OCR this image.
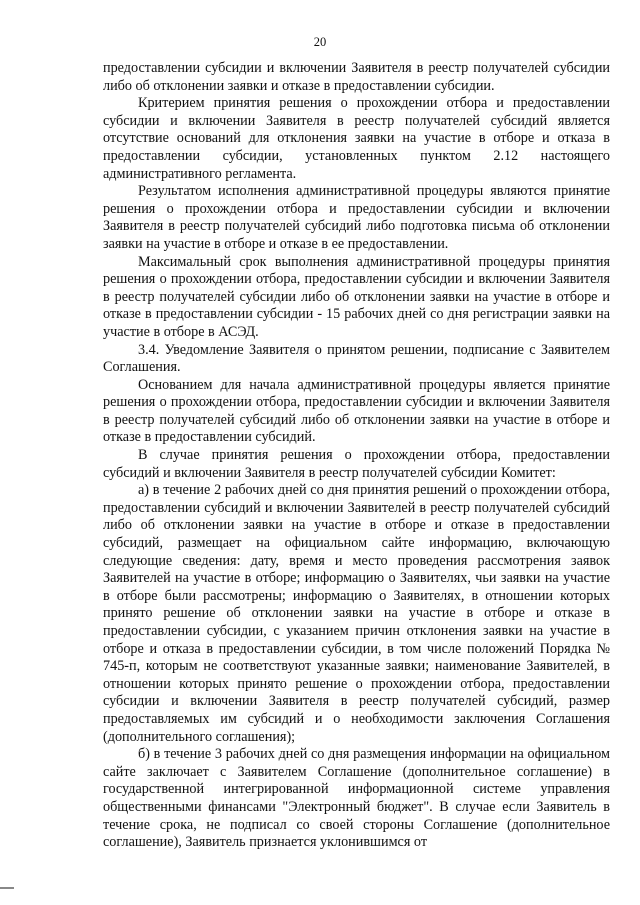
20

предоставлении субсидии и включении Заявителя в реестр получателей субсидии либо об отклонении заявки и отказе в предоставлении субсидии.

Критерием принятия решения о прохождении отбора и предоставлении субсидии и включении Заявителя в реестр получателей субсидий является отсутствие оснований для отклонения заявки на участие в отборе и отказа в предоставлении субсидии, установленных пунктом 2.12 настоящего административного регламента.

Результатом исполнения административной процедуры являются принятие решения о прохождении отбора и предоставлении субсидии и включении Заявителя в реестр получателей субсидий либо подготовка письма об отклонении заявки на участие в отборе и отказе в ее предоставлении.

Максимальный срок выполнения административной процедуры принятия решения о прохождении отбора, предоставлении субсидии и включении Заявителя в реестр получателей субсидии либо об отклонении заявки на участие в отборе и отказе в предоставлении субсидии - 15 рабочих дней со дня регистрации заявки на участие в отборе в АСЭД.

3.4. Уведомление Заявителя о принятом решении, подписание с Заявителем Соглашения.

Основанием для начала административной процедуры является принятие решения о прохождении отбора, предоставлении субсидии и включении Заявителя в реестр получателей субсидий либо об отклонении заявки на участие в отборе и отказе в предоставлении субсидий.

В случае принятия решения о прохождении отбора, предоставлении субсидий и включении Заявителя в реестр получателей субсидии Комитет:

а) в течение 2 рабочих дней со дня принятия решений о прохождении отбора, предоставлении субсидий и включении Заявителей в реестр получателей субсидий либо об отклонении заявки на участие в отборе и отказе в предоставлении субсидий, размещает на официальном сайте информацию, включающую следующие сведения: дату, время и место проведения рассмотрения заявок Заявителей на участие в отборе; информацию о Заявителях, чьи заявки на участие в отборе были рассмотрены; информацию о Заявителях, в отношении которых принято решение об отклонении заявки на участие в отборе и отказе в предоставлении субсидии, с указанием причин отклонения заявки на участие в отборе и отказа в предоставлении субсидии, в том числе положений Порядка № 745-п, которым не соответствуют указанные заявки; наименование Заявителей, в отношении которых принято решение о прохождении отбора, предоставлении субсидии и включении Заявителя в реестр получателей субсидий, размер предоставляемых им субсидий и о необходимости заключения Соглашения (дополнительного соглашения);

б) в течение 3 рабочих дней со дня размещения информации на официальном сайте заключает с Заявителем Соглашение (дополнительное соглашение) в государственной интегрированной информационной системе управления общественными финансами "Электронный бюджет". В случае если Заявитель в течение срока, не подписал со своей стороны Соглашение (дополнительное соглашение), Заявитель признается уклонившимся от
